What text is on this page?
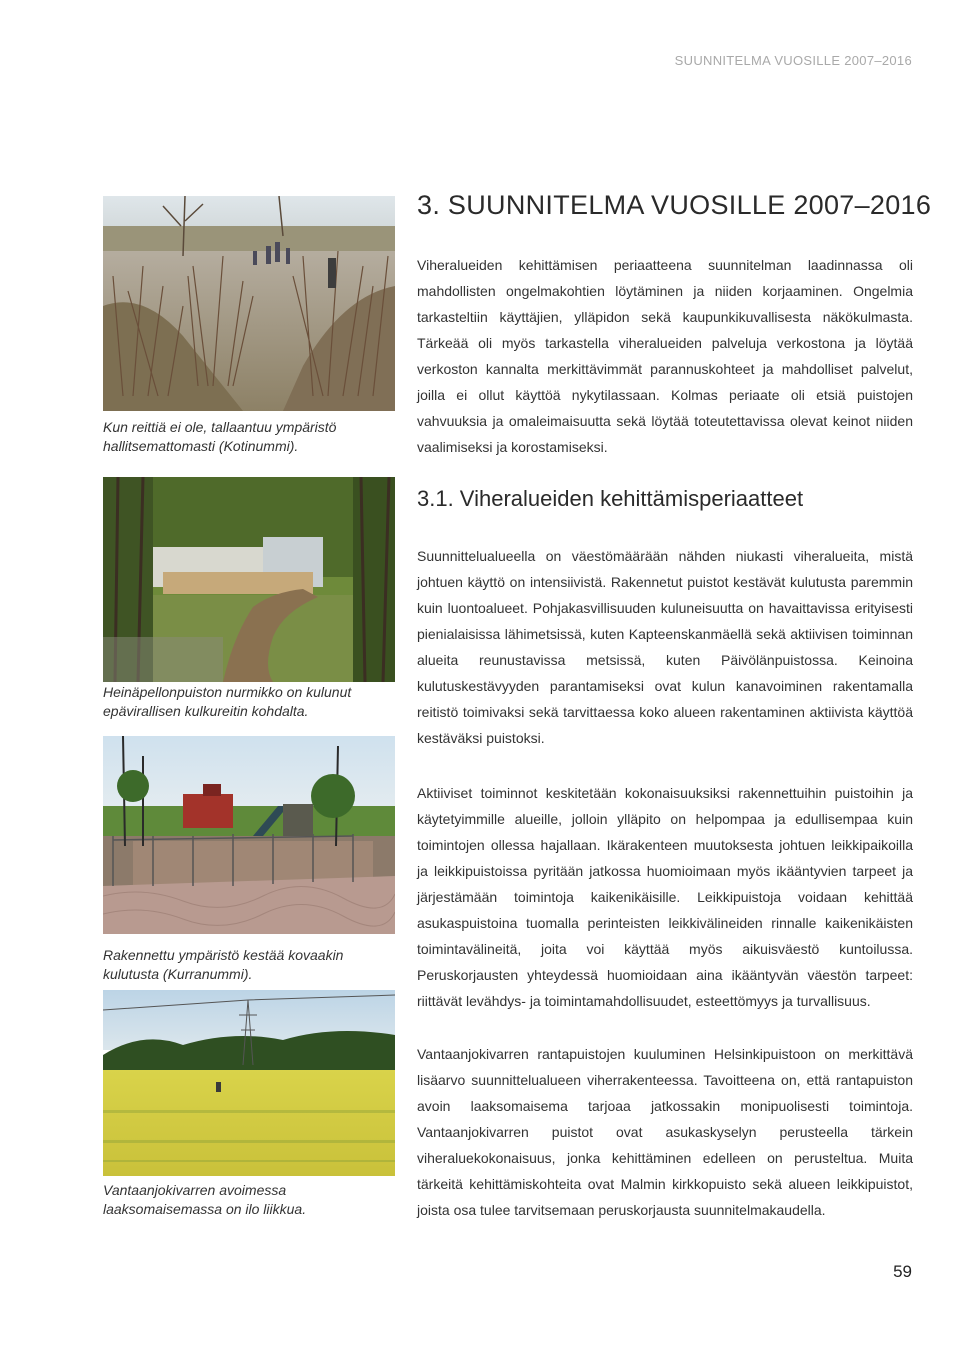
SUUNNITELMA VUOSILLE 2007–2016
Kun reittiä ei ole, tallaantuu ympäristö hallitsemattomasti (Kotinummi).
Heinäpellonpuiston nurmikko on kulunut epävirallisen kulkureitin kohdalta.
Rakennettu ympäristö kestää kovaakin kulutusta (Kurranummi).
Vantaanjokivarren avoimessa laaksomaisemassa on ilo liikkua.
3. SUUNNITELMA VUOSILLE 2007–2016

Viheralueiden kehittämisen periaatteena suunnitelman laadinnassa oli mahdollisten ongelmakohtien löytäminen ja niiden korjaaminen. Ongelmia tarkasteltiin käyttäjien, ylläpidon sekä kaupunkikuvallisesta näkökulmasta. Tärkeää oli myös tarkastella viheralueiden palveluja verkostona ja löytää verkoston kannalta merkittävimmät parannuskohteet ja mahdolliset palvelut, joilla ei ollut käyttöä nykytilassaan. Kolmas periaate oli etsiä puistojen vahvuuksia ja omaleimaisuutta sekä löytää toteutettavissa olevat keinot niiden vaalimiseksi ja korostamiseksi.

3.1. Viheralueiden kehittämisperiaatteet

Suunnittelualueella on väestömäärään nähden niukasti viheralueita, mistä johtuen käyttö on intensiivistä. Rakennetut puistot kestävät kulutusta paremmin kuin luontoalueet. Pohjakasvillisuuden kuluneisuutta on havaittavissa erityisesti pienialaisissa lähimetsissä, kuten Kapteenskanmäellä sekä aktiivisen toiminnan alueita reunustavissa metsissä, kuten Päivölänpuistossa. Keinoina kulutuskestävyyden parantamiseksi ovat kulun kanavoiminen rakentamalla reitistö toimivaksi sekä tarvittaessa koko alueen rakentaminen aktiivista käyttöä kestäväksi puistoksi.

Aktiiviset toiminnot keskitetään kokonaisuuksiksi rakennettuihin puistoihin ja käytetyimmille alueille, jolloin ylläpito on helpompaa ja edullisempaa kuin toimintojen ollessa hajallaan. Ikärakenteen muutoksesta johtuen leikkipaikoilla ja leikkipuistoissa pyritään jatkossa huomioimaan myös ikääntyvien tarpeet ja järjestämään toimintoja kaikenikäisille. Leikkipuistoja voidaan kehittää asukaspuistoina tuomalla perinteisten leikkivälineiden rinnalle kaikenikäisten toimintavälineitä, joita voi käyttää myös aikuisväestö kuntoilussa. Peruskorjausten yhteydessä huomioidaan aina ikääntyvän väestön tarpeet: riittävät levähdys- ja toimintamahdollisuudet, esteettömyys ja turvallisuus.

Vantaanjokivarren rantapuistojen kuuluminen Helsinkipuistoon on merkittävä lisäarvo suunnittelualueen viherrakenteessa. Tavoitteena on, että rantapuiston avoin laaksomaisema tarjoaa jatkossakin monipuolisesti toimintoja. Vantaanjokivarren puistot ovat asukaskyselyn perusteella tärkein viheraluekokonaisuus, jonka kehittäminen edelleen on perusteltua. Muita tärkeitä kehittämiskohteita ovat Malmin kirkkopuisto sekä alueen leikkipuistot, joista osa tulee tarvitsemaan peruskorjausta suunnitelmakaudella.

59
